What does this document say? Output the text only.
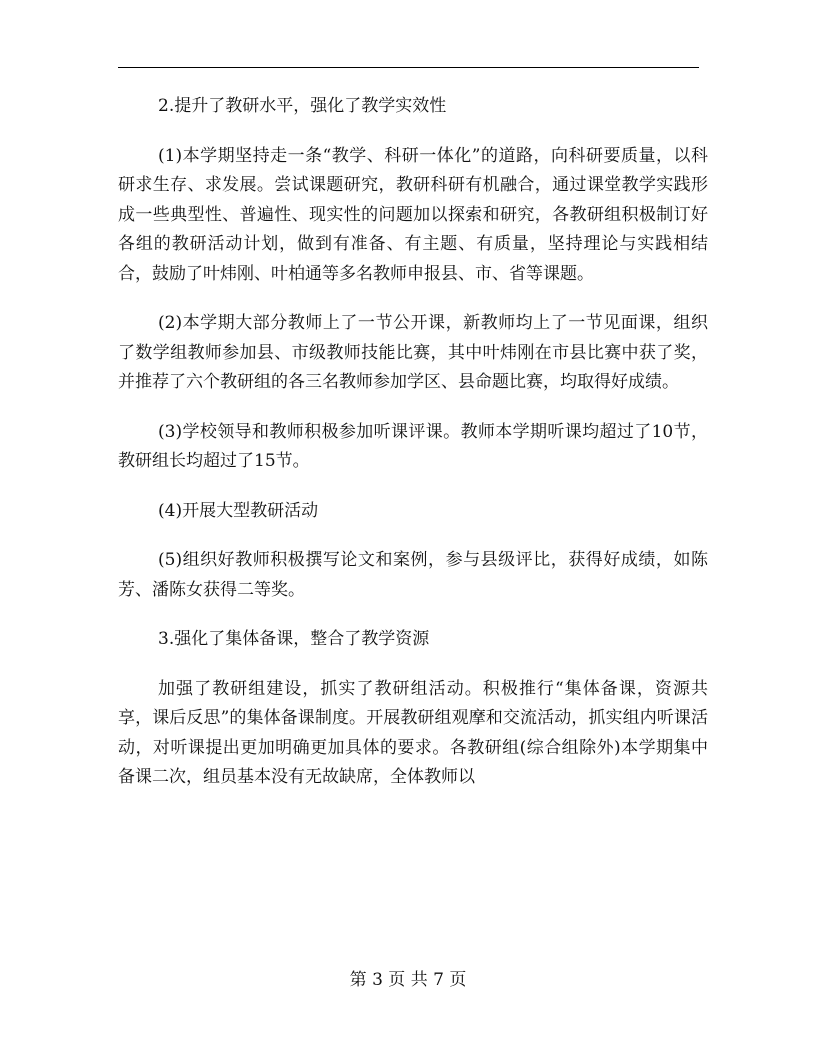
2.提升了教研水平，强化了教学实效性

(1)本学期坚持走一条“教学、科研一体化”的道路，向科研要质量，以科研求生存、求发展。尝试课题研究，教研科研有机融合，通过课堂教学实践形成一些典型性、普遍性、现实性的问题加以探索和研究，各教研组积极制订好各组的教研活动计划，做到有准备、有主题、有质量，坚持理论与实践相结合，鼓励了叶炜刚、叶柏通等多名教师申报县、市、省等课题。

(2)本学期大部分教师上了一节公开课，新教师均上了一节见面课，组织了数学组教师参加县、市级教师技能比赛，其中叶炜刚在市县比赛中获了奖，并推荐了六个教研组的各三名教师参加学区、县命题比赛，均取得好成绩。

(3)学校领导和教师积极参加听课评课。教师本学期听课均超过了10节，教研组长均超过了15节。

(4)开展大型教研活动

(5)组织好教师积极撰写论文和案例，参与县级评比，获得好成绩，如陈芳、潘陈女获得二等奖。

3.强化了集体备课，整合了教学资源

加强了教研组建设，抓实了教研组活动。积极推行“集体备课，资源共享，课后反思”的集体备课制度。开展教研组观摩和交流活动，抓实组内听课活动，对听课提出更加明确更加具体的要求。各教研组(综合组除外)本学期集中备课二次，组员基本没有无故缺席，全体教师以

第 3 页 共 7 页
